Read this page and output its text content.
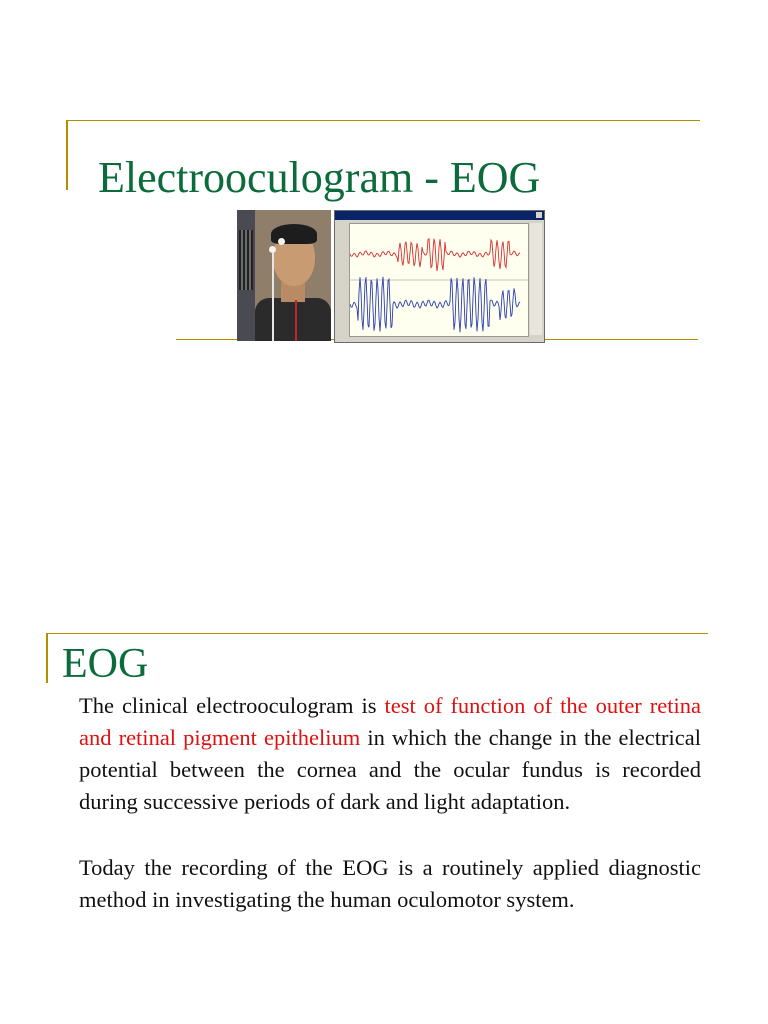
Electrooculogram - EOG
EOG

The clinical electrooculogram is test of function of the outer retina and retinal pigment epithelium in which the change in the electrical potential between the cornea and the ocular fundus is recorded during successive periods of dark and light adaptation.

Today the recording of the EOG is a routinely applied diagnostic method in investigating the human oculomotor system.
